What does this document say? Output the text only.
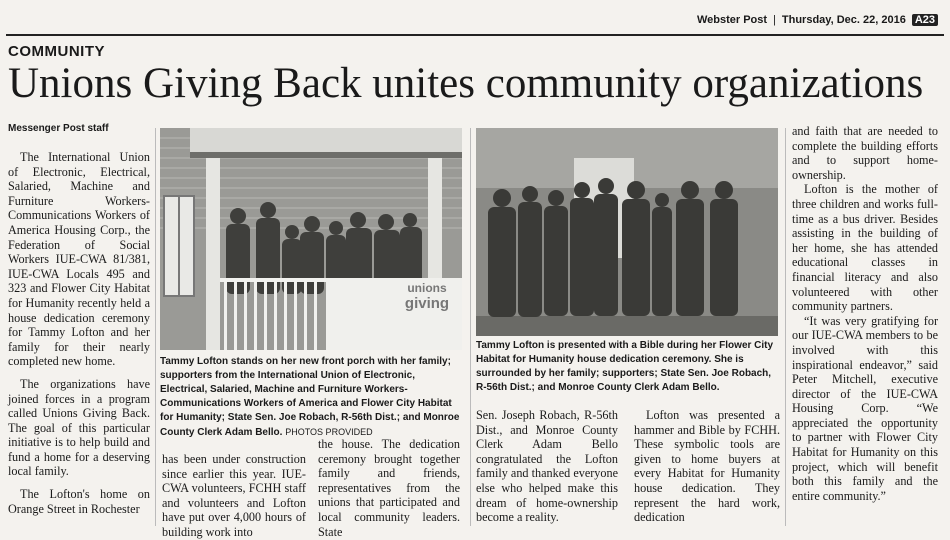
Webster Post | Thursday, Dec. 22, 2016 A23
COMMUNITY
Unions Giving Back unites community organizations
Messenger Post staff

The International Union of Electronic, Electrical, Salaried, Machine and Furniture Workers-Communications Workers of America Housing Corp., the Federation of Social Workers IUE-CWA 81/381, IUE-CWA Locals 495 and 323 and Flower City Habitat for Humanity recently held a house dedication ceremony for Tammy Lofton and her family for their nearly completed new home.

The organizations have joined forces in a program called Unions Giving Back. The goal of this particular initiative is to help build and fund a home for a deserving local family.

The Lofton's home on Orange Street in Rochester

unions
giving
Tammy Lofton stands on her new front porch with her family; supporters from the International Union of Electronic, Electrical, Salaried, Machine and Furniture Workers-Communications Workers of America and Flower City Habitat for Humanity; State Sen. Joe Robach, R-56th Dist.; and Monroe County Clerk Adam Bello. PHOTOS PROVIDED

has been under construction since earlier this year. IUE-CWA volunteers, FCHH staff and volunteers and Lofton have put over 4,000 hours of building work into

the house. The dedication ceremony brought together family and friends, representatives from the unions that participated and local community leaders. State

Tammy Lofton is presented with a Bible during her Flower City Habitat for Humanity house dedication ceremony. She is surrounded by her family; supporters; State Sen. Joe Robach, R-56th Dist.; and Monroe County Clerk Adam Bello.

Sen. Joseph Robach, R-56th Dist., and Monroe County Clerk Adam Bello congratulated the Lofton family and thanked everyone else who helped make this dream of home-ownership become a reality.

Lofton was presented a hammer and Bible by FCHH. These symbolic tools are given to home buyers at every Habitat for Humanity house dedication. They represent the hard work, dedication

and faith that are needed to complete the building efforts and to support home-ownership.

Lofton is the mother of three children and works full-time as a bus driver. Besides assisting in the building of her home, she has attended educational classes in financial literacy and also volunteered with other community partners.

“It was very gratifying for our IUE-CWA members to be involved with this inspirational endeavor,” said Peter Mitchell, executive director of the IUE-CWA Housing Corp. “We appreciated the opportunity to partner with Flower City Habitat for Humanity on this project, which will benefit both this family and the entire community.”
